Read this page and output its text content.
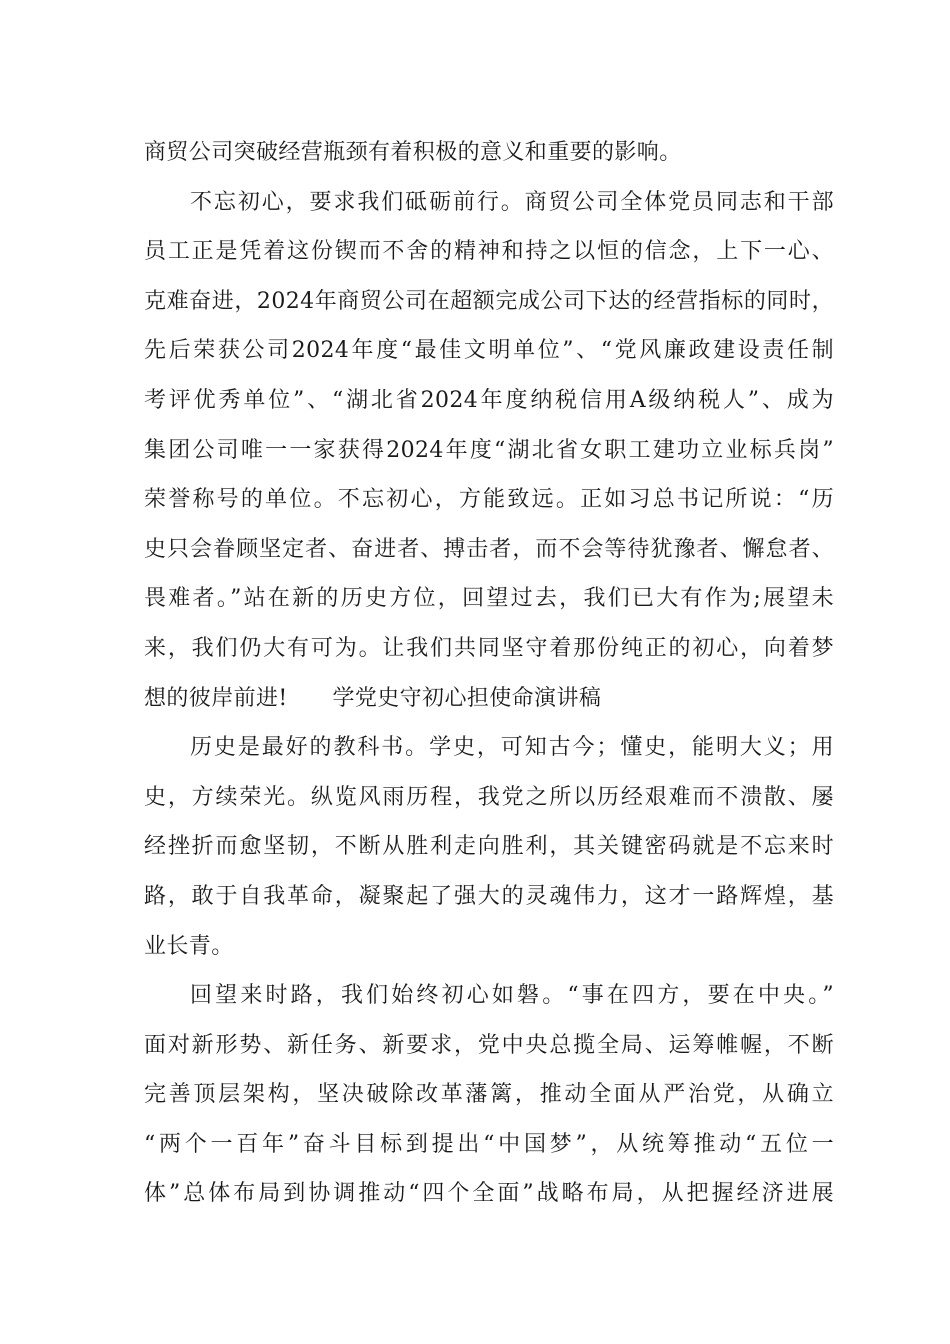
商贸公司突破经营瓶颈有着积极的意义和重要的影响。
不忘初心，要求我们砥砺前行。商贸公司全体党员同志和干部
员工正是凭着这份锲而不舍的精神和持之以恒的信念，上下一心、
克难奋进，2024年商贸公司在超额完成公司下达的经营指标的同时，
先后荣获公司2024年度“最佳文明单位”、“党风廉政建设责任制
考评优秀单位”、“湖北省2024年度纳税信用A级纳税人”、成为
集团公司唯一一家获得2024年度“湖北省女职工建功立业标兵岗”
荣誉称号的单位。不忘初心，方能致远。正如习总书记所说：“历
史只会眷顾坚定者、奋进者、搏击者，而不会等待犹豫者、懈怠者、
畏难者。”站在新的历史方位，回望过去，我们已大有作为;展望未
来，我们仍大有可为。让我们共同坚守着那份纯正的初心，向着梦
想的彼岸前进!　　学党史守初心担使命演讲稿
历史是最好的教科书。学史，可知古今；懂史，能明大义；用
史，方续荣光。纵览风雨历程，我党之所以历经艰难而不溃散、屡
经挫折而愈坚韧，不断从胜利走向胜利，其关键密码就是不忘来时
路，敢于自我革命，凝聚起了强大的灵魂伟力，这才一路辉煌，基
业长青。
回望来时路，我们始终初心如磐。“事在四方，要在中央。”
面对新形势、新任务、新要求，党中央总揽全局、运筹帷幄，不断
完善顶层架构，坚决破除改革藩篱，推动全面从严治党，从确立
“两个一百年”奋斗目标到提出“中国梦”，从统筹推动“五位一
体”总体布局到协调推动“四个全面”战略布局，从把握经济进展
